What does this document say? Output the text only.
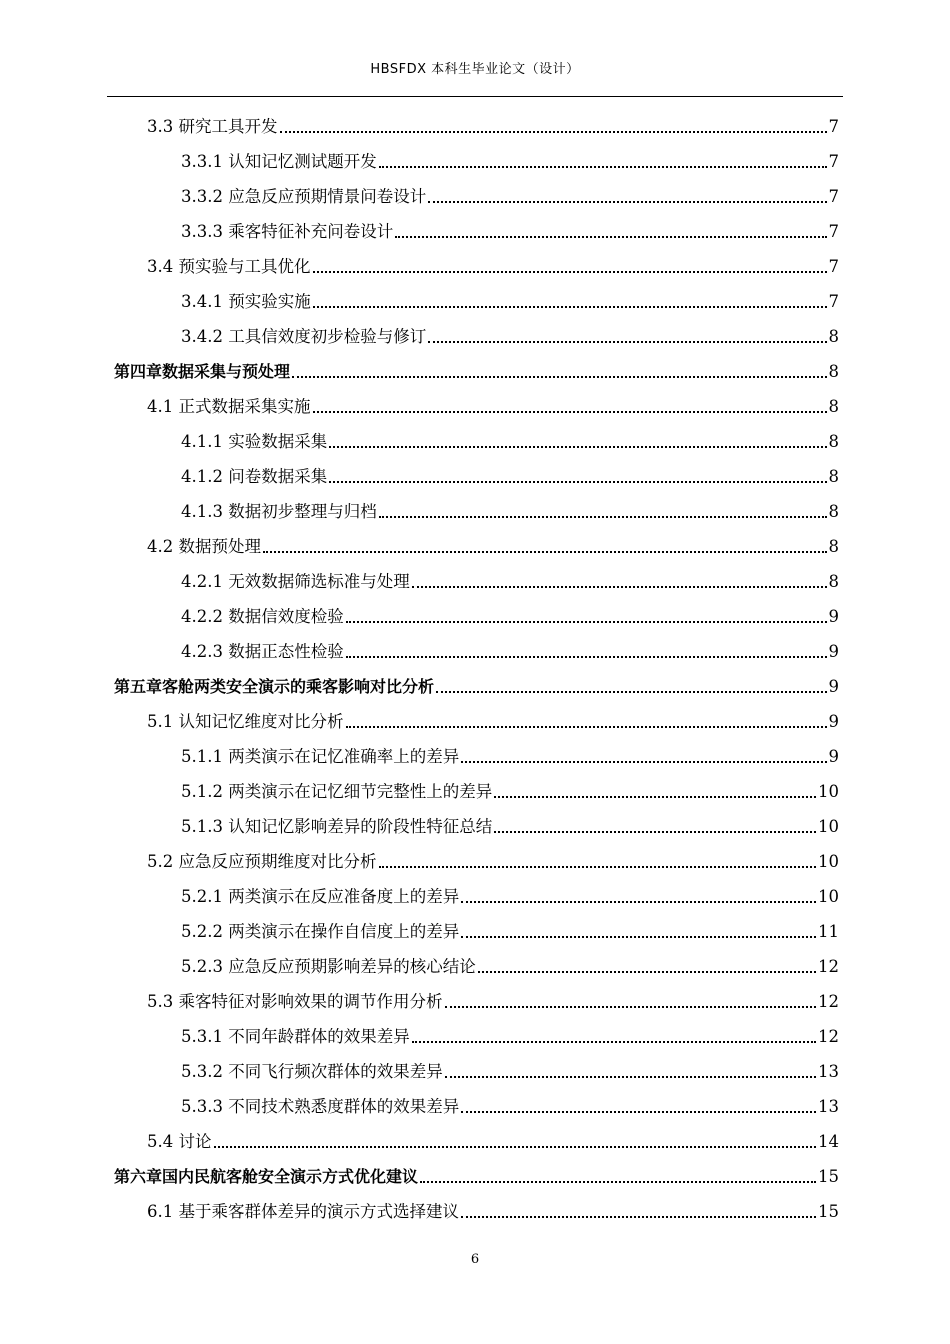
HBSFDX 本科生毕业论文（设计）
3.3 研究工具开发	7
3.3.1 认知记忆测试题开发	7
3.3.2 应急反应预期情景问卷设计	7
3.3.3 乘客特征补充问卷设计	7
3.4 预实验与工具优化	7
3.4.1 预实验实施	7
3.4.2 工具信效度初步检验与修订	8
第四章数据采集与预处理	8
4.1 正式数据采集实施	8
4.1.1 实验数据采集	8
4.1.2 问卷数据采集	8
4.1.3 数据初步整理与归档	8
4.2 数据预处理	8
4.2.1 无效数据筛选标准与处理	8
4.2.2 数据信效度检验	9
4.2.3 数据正态性检验	9
第五章客舱两类安全演示的乘客影响对比分析	9
5.1 认知记忆维度对比分析	9
5.1.1 两类演示在记忆准确率上的差异	9
5.1.2 两类演示在记忆细节完整性上的差异	10
5.1.3 认知记忆影响差异的阶段性特征总结	10
5.2 应急反应预期维度对比分析	10
5.2.1 两类演示在反应准备度上的差异	10
5.2.2 两类演示在操作自信度上的差异	11
5.2.3 应急反应预期影响差异的核心结论	12
5.3 乘客特征对影响效果的调节作用分析	12
5.3.1 不同年龄群体的效果差异	12
5.3.2 不同飞行频次群体的效果差异	13
5.3.3 不同技术熟悉度群体的效果差异	13
5.4 讨论	14
第六章国内民航客舱安全演示方式优化建议	15
6.1 基于乘客群体差异的演示方式选择建议	15
6
